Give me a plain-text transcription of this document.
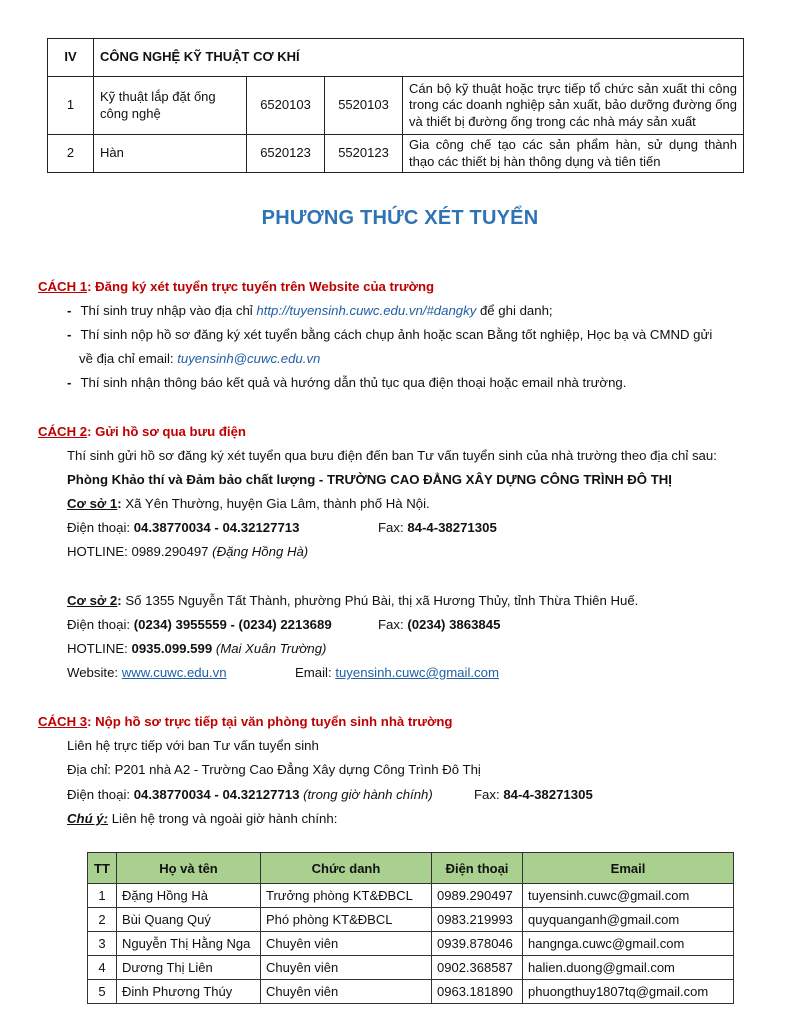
IV	CÔNG NGHỆ KỸ THUẬT CƠ KHÍ			
1	Kỹ thuật lắp đặt ống công nghệ	6520103	5520103	Cán bộ kỹ thuật hoặc trực tiếp tổ chức sản xuất thi công trong các doanh nghiệp sản xuất, bảo dưỡng đường ống và thiết bị đường ống trong các nhà máy sản xuất
2	Hàn	6520123	5520123	Gia công chế tạo các sản phẩm hàn, sử dụng thành thạo các thiết bị hàn thông dụng và tiên tiến
PHƯƠNG THỨC XÉT TUYỂN
CÁCH 1: Đăng ký xét tuyển trực tuyến trên Website của trường
- Thí sinh truy nhập vào địa chỉ http://tuyensinh.cuwc.edu.vn/#dangky để ghi danh;
- Thí sinh nộp hồ sơ đăng ký xét tuyển bằng cách chụp ảnh hoặc scan Bằng tốt nghiệp, Học bạ và CMND gửi
về địa chỉ email: tuyensinh@cuwc.edu.vn
- Thí sinh nhận thông báo kết quả và hướng dẫn thủ tục qua điện thoại hoặc email nhà trường.
CÁCH 2: Gửi hồ sơ qua bưu điện
Thí sinh gửi hồ sơ đăng ký xét tuyển qua bưu điện đến ban Tư vấn tuyển sinh của nhà trường theo địa chỉ sau:
Phòng Khảo thí và Đảm bảo chất lượng - TRƯỜNG CAO ĐẲNG XÂY DỰNG CÔNG TRÌNH ĐÔ THỊ
Cơ sở 1: Xã Yên Thường, huyện Gia Lâm, thành phố Hà Nội.
Điện thoại: 04.38770034 - 04.32127713	Fax: 84-4-38271305
HOTLINE: 0989.290497 (Đặng Hồng Hà)
Cơ sở 2: Số 1355 Nguyễn Tất Thành, phường Phú Bài, thị xã Hương Thủy, tỉnh Thừa Thiên Huế.
Điện thoại: (0234) 3955559 - (0234) 2213689	Fax: (0234) 3863845
HOTLINE: 0935.099.599 (Mai Xuân Trường)
Website: www.cuwc.edu.vn	Email: tuyensinh.cuwc@gmail.com
CÁCH 3: Nộp hồ sơ trực tiếp tại văn phòng tuyển sinh nhà trường
Liên hệ trực tiếp với ban Tư vấn tuyển sinh
Địa chỉ: P201 nhà A2 - Trường Cao Đẳng Xây dựng Công Trình Đô Thị
Điện thoại: 04.38770034 - 04.32127713 (trong giờ hành chính)	Fax: 84-4-38271305
Chú ý: Liên hệ trong và ngoài giờ hành chính:
TT	Họ và tên	Chức danh	Điện thoại	Email
1	Đặng Hồng Hà	Trưởng phòng KT&ĐBCL	0989.290497	tuyensinh.cuwc@gmail.com
2	Bùi Quang Quý	Phó phòng KT&ĐBCL	0983.219993	quyquanganh@gmail.com
3	Nguyễn Thị Hằng Nga	Chuyên viên	0939.878046	hangnga.cuwc@gmail.com
4	Dương Thị Liên	Chuyên viên	0902.368587	halien.duong@gmail.com
5	Đinh Phương Thúy	Chuyên viên	0963.181890	phuongthuy1807tq@gmail.com
